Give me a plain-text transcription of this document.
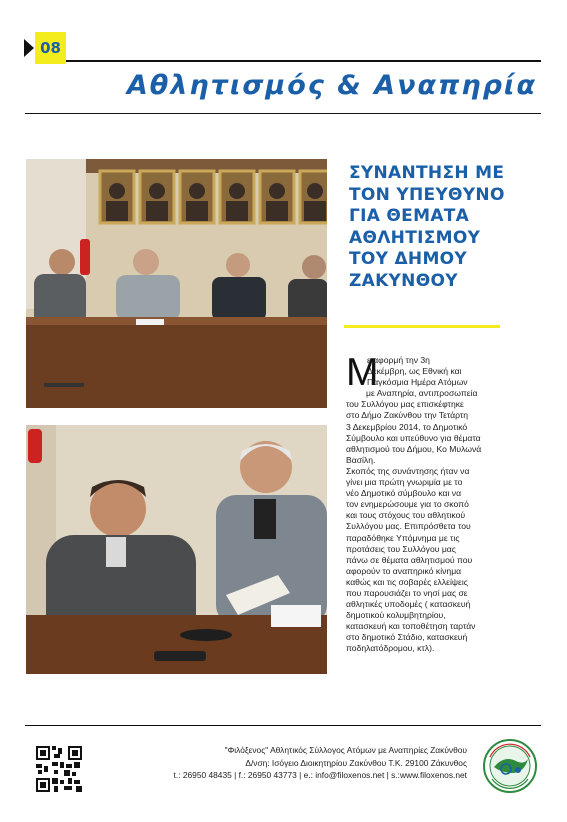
08
Αθλητισμός & Αναπηρία
ΣΥΝΑΝΤΗΣΗ ΜΕ
ΤΟΝ ΥΠΕΥΘΥΝΟ
ΓΙΑ ΘΕΜΑΤΑ
ΑΘΛΗΤΙΣΜΟΥ
ΤΟΥ ΔΗΜΟΥ
ΖΑΚΥΝΘΟΥ
Μ
ε αφορμή την 3η
Δεκέμβρη, ως Εθνική και
Παγκόσμια Ημέρα Ατόμων
με Αναπηρία, αντιπροσωπεία
του Συλλόγου μας επισκέφτηκε
στο Δήμο Ζακύνθου την Τετάρτη
3 Δεκεμβρίου 2014, το Δημοτικό
Σύμβουλο και υπεύθυνο για θέματα
αθλητισμού του Δήμου, Κο Μυλωνά
Βασίλη.
Σκοπός της συνάντησης ήταν να
γίνει μια πρώτη γνωριμία με το
νέο Δημοτικό σύμβουλο και να
τον ενημερώσουμε για το σκοπό
και τους στόχους του αθλητικού
Συλλόγου μας. Επιπρόσθετα του
παραδόθηκε Υπόμνημα με τις
προτάσεις του Συλλόγου μας
πάνω σε θέματα αθλητισμού που
αφορούν το αναπηρικό κίνημα
καθώς και τις σοβαρές ελλείψεις
που παρουσιάζει το νησί μας σε
αθλητικές υποδομές ( κατασκευή
δημοτικού κολυμβητηρίου,
κατασκευή και τοποθέτηση ταρτάν
στο δημοτικό Στάδιο, κατασκευή
ποδηλατόδρομου, κτλ).
"Φιλόξενος" Αθλητικός Σύλλογος Ατόμων με Αναπηρίες Ζακύνθου
Δ/νση: Ισόγειο Διοικητηρίου Ζακύνθου Τ.Κ. 29100 Ζάκυνθος
t.: 26950 48435 | f.: 26950 43773 | e.: info@filoxenos.net | s.:www.filoxenos.net
